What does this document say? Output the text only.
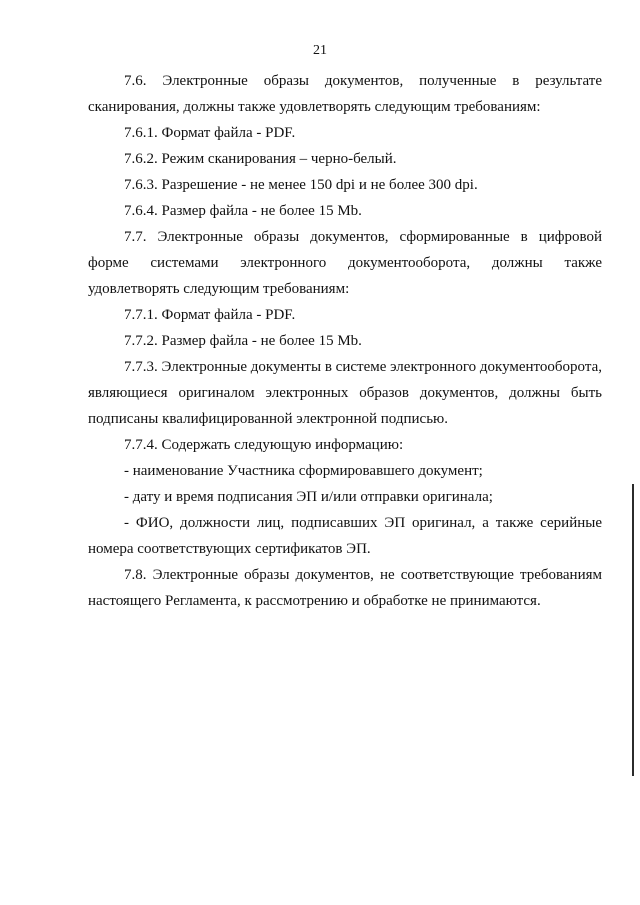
21

7.6. Электронные образы документов, полученные в результате сканирования, должны также удовлетворять следующим требованиям:

7.6.1. Формат файла - PDF.

7.6.2. Режим сканирования – черно-белый.

7.6.3. Разрешение - не менее 150 dpi и не более 300 dpi.

7.6.4. Размер файла - не более 15 Mb.

7.7. Электронные образы документов, сформированные в цифровой форме системами электронного документооборота, должны также удовлетворять следующим требованиям:

7.7.1. Формат файла - PDF.

7.7.2. Размер файла - не более 15 Mb.

7.7.3. Электронные документы в системе электронного документооборота, являющиеся оригиналом электронных образов документов, должны быть подписаны квалифицированной электронной подписью.

7.7.4. Содержать следующую информацию:

- наименование Участника сформировавшего документ;

- дату и время подписания ЭП и/или отправки оригинала;

- ФИО, должности лиц, подписавших ЭП оригинал, а также серийные номера соответствующих сертификатов ЭП.

7.8. Электронные образы документов, не соответствующие требованиям настоящего Регламента, к рассмотрению и обработке не принимаются.
